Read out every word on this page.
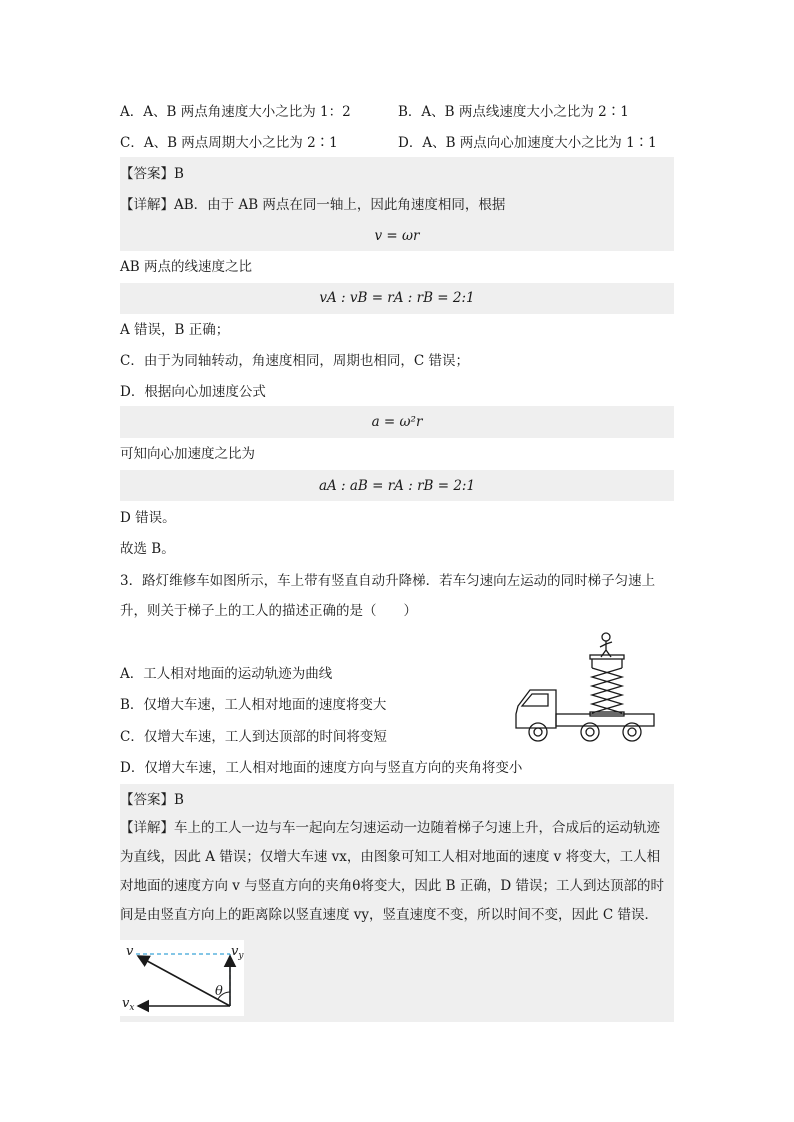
A．A、B 两点角速度大小之比为 1：2	B．A、B 两点线速度大小之比为 2∶1
C．A、B 两点周期大小之比为 2∶1	D．A、B 两点向心加速度大小之比为 1∶1
【答案】B
【详解】AB．由于 AB 两点在同一轴上，因此角速度相同，根据
v = ωr
AB 两点的线速度之比
vA : vB = rA : rB = 2:1
A 错误，B 正确；
C．由于为同轴转动，角速度相同，周期也相同，C 错误；
D．根据向心加速度公式
a = ω²r
可知向心加速度之比为
aA : aB = rA : rB = 2:1
D 错误。
故选 B。
3．路灯维修车如图所示，车上带有竖直自动升降梯．若车匀速向左运动的同时梯子匀速上
升，则关于梯子上的工人的描述正确的是（　　）
A．工人相对地面的运动轨迹为曲线
B．仅增大车速，工人相对地面的速度将变大
C．仅增大车速，工人到达顶部的时间将变短
D．仅增大车速，工人相对地面的速度方向与竖直方向的夹角将变小
【答案】B
【详解】车上的工人一边与车一起向左匀速运动一边随着梯子匀速上升，合成后的运动轨迹
为直线，因此 A 错误；仅增大车速 vx，由图象可知工人相对地面的速度 v 将变大，工人相
对地面的速度方向 v 与竖直方向的夹角θ将变大，因此 B 正确，D 错误；工人到达顶部的时
间是由竖直方向上的距离除以竖直速度 vy，竖直速度不变，所以时间不变，因此 C 错误．
v	$v_y$
$v_x$
θ
